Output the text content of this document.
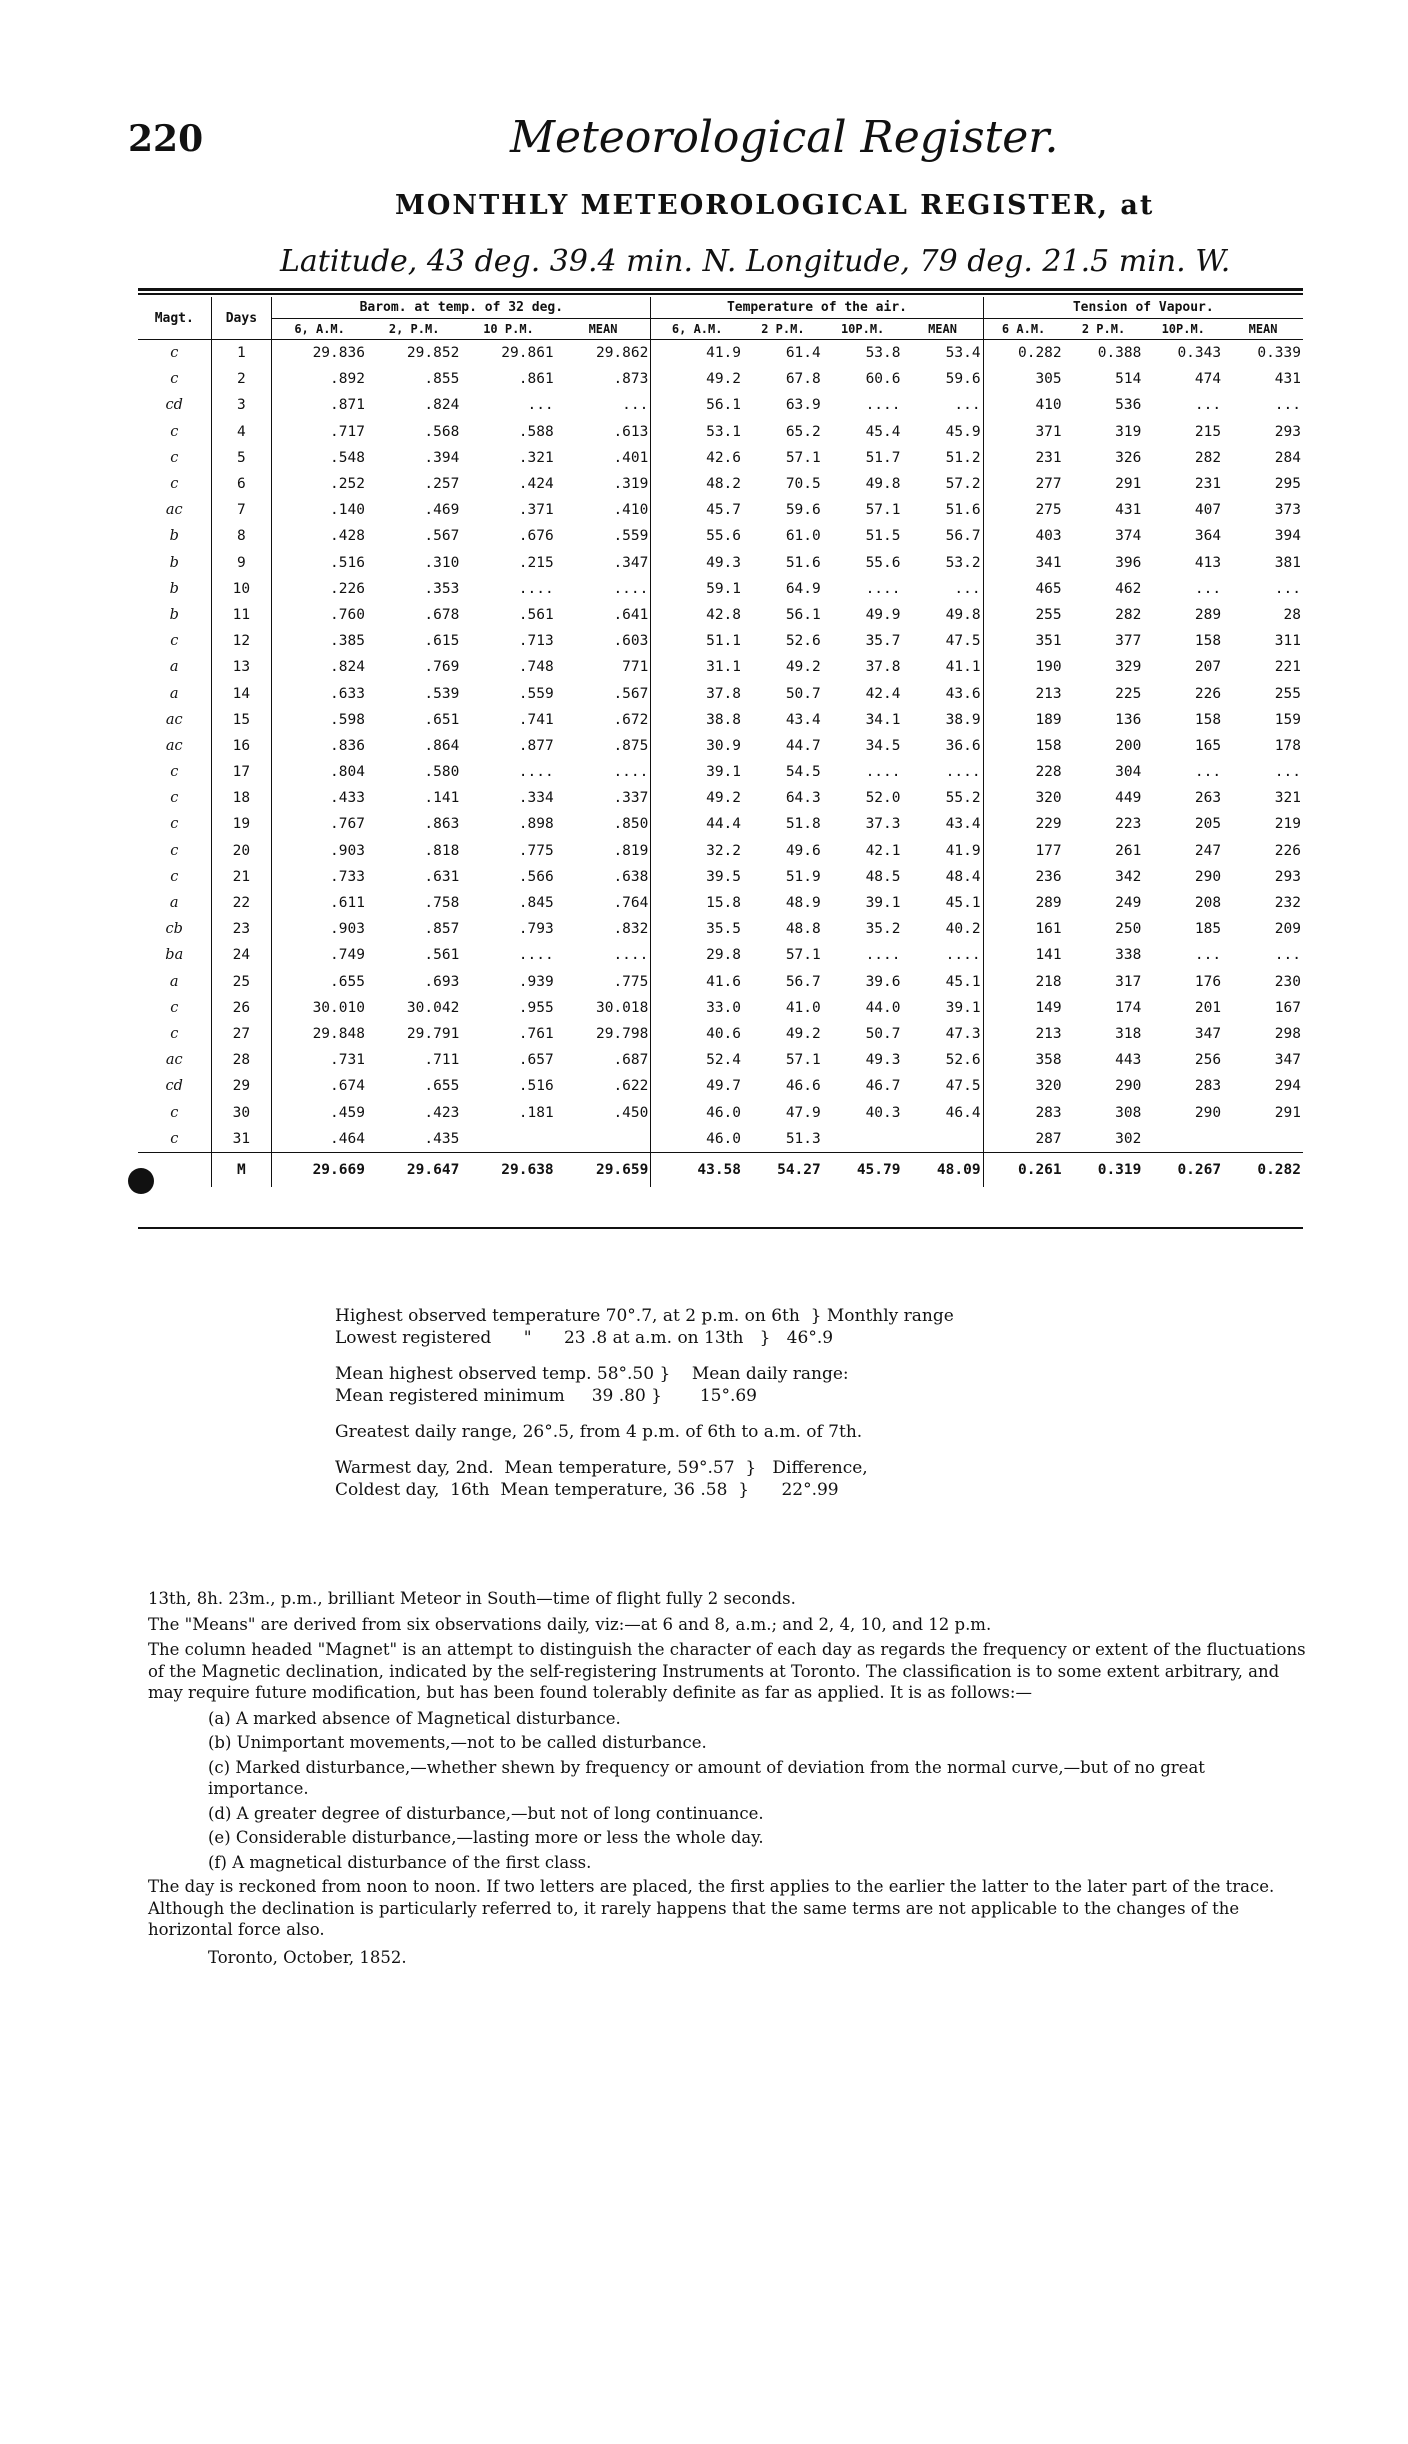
220	Meteorological Register.
MONTHLY METEOROLOGICAL REGISTER, at
Latitude, 43 deg. 39.4 min. N. Longitude, 79 deg. 21.5 min. W.
Magt.	Days	Barom. at temp. of 32 deg.				Temperature of the air.				Tension of Vapour.			
		6, A.M.	2, P.M.	10 P.M.	MEAN	6, A.M.	2 P.M.	10P.M.	MEAN	6 A.M.	2 P.M.	10P.M.	MEAN
c	1	29.836	29.852	29.861	29.862	41.9	61.4	53.8	53.4	0.282	0.388	0.343	0.339
c	2	.892	.855	.861	.873	49.2	67.8	60.6	59.6	305	514	474	431
cd	3	.871	.824	...	...	56.1	63.9	....	...	410	536	...	...
c	4	.717	.568	.588	.613	53.1	65.2	45.4	45.9	371	319	215	293
c	5	.548	.394	.321	.401	42.6	57.1	51.7	51.2	231	326	282	284
c	6	.252	.257	.424	.319	48.2	70.5	49.8	57.2	277	291	231	295
ac	7	.140	.469	.371	.410	45.7	59.6	57.1	51.6	275	431	407	373
b	8	.428	.567	.676	.559	55.6	61.0	51.5	56.7	403	374	364	394
b	9	.516	.310	.215	.347	49.3	51.6	55.6	53.2	341	396	413	381
b	10	.226	.353	....	....	59.1	64.9	....	...	465	462	...	...
b	11	.760	.678	.561	.641	42.8	56.1	49.9	49.8	255	282	289	28
c	12	.385	.615	.713	.603	51.1	52.6	35.7	47.5	351	377	158	311
a	13	.824	.769	.748	771	31.1	49.2	37.8	41.1	190	329	207	221
a	14	.633	.539	.559	.567	37.8	50.7	42.4	43.6	213	225	226	255
ac	15	.598	.651	.741	.672	38.8	43.4	34.1	38.9	189	136	158	159
ac	16	.836	.864	.877	.875	30.9	44.7	34.5	36.6	158	200	165	178
c	17	.804	.580	....	....	39.1	54.5	....	....	228	304	...	...
c	18	.433	.141	.334	.337	49.2	64.3	52.0	55.2	320	449	263	321
c	19	.767	.863	.898	.850	44.4	51.8	37.3	43.4	229	223	205	219
c	20	.903	.818	.775	.819	32.2	49.6	42.1	41.9	177	261	247	226
c	21	.733	.631	.566	.638	39.5	51.9	48.5	48.4	236	342	290	293
a	22	.611	.758	.845	.764	15.8	48.9	39.1	45.1	289	249	208	232
cb	23	.903	.857	.793	.832	35.5	48.8	35.2	40.2	161	250	185	209
ba	24	.749	.561	....	....	29.8	57.1	....	....	141	338	...	...
a	25	.655	.693	.939	.775	41.6	56.7	39.6	45.1	218	317	176	230
c	26	30.010	30.042	.955	30.018	33.0	41.0	44.0	39.1	149	174	201	167
c	27	29.848	29.791	.761	29.798	40.6	49.2	50.7	47.3	213	318	347	298
ac	28	.731	.711	.657	.687	52.4	57.1	49.3	52.6	358	443	256	347
cd	29	.674	.655	.516	.622	49.7	46.6	46.7	47.5	320	290	283	294
c	30	.459	.423	.181	.450	46.0	47.9	40.3	46.4	283	308	290	291
c	31	.464	.435			46.0	51.3			287	302		
	M	29.669	29.647	29.638	29.659	43.58	54.27	45.79	48.09	0.261	0.319	0.267	0.282
Highest observed temperature 70°.7, at 2 p.m. on 6th  } Monthly range
Lowest registered      "      23 .8 at a.m. on 13th   }   46°.9
Mean highest observed temp. 58°.50 }    Mean daily range:
Mean registered minimum     39 .80 }       15°.69
Greatest daily range, 26°.5, from 4 p.m. of 6th to a.m. of 7th.
Warmest day, 2nd.  Mean temperature, 59°.57  }   Difference,
Coldest day,  16th  Mean temperature, 36 .58  }      22°.99

13th, 8h. 23m., p.m., brilliant Meteor in South—time of flight fully 2 seconds.

The "Means" are derived from six observations daily, viz:—at 6 and 8, a.m.; and 2, 4, 10, and 12 p.m.

The column headed "Magnet" is an attempt to distinguish the character of each day as regards the frequency or extent of the fluctuations of the Magnetic declination, indicated by the self-registering Instruments at Toronto. The classification is to some extent arbitrary, and may require future modification, but has been found tolerably definite as far as applied. It is as follows:—

(a) A marked absence of Magnetical disturbance.
(b) Unimportant movements,—not to be called disturbance.
(c) Marked disturbance,—whether shewn by frequency or amount of deviation from the normal curve,—but of no great importance.
(d) A greater degree of disturbance,—but not of long continuance.
(e) Considerable disturbance,—lasting more or less the whole day.
(f) A magnetical disturbance of the first class.

The day is reckoned from noon to noon. If two letters are placed, the first applies to the earlier the latter to the later part of the trace. Although the declination is particularly referred to, it rarely happens that the same terms are not applicable to the changes of the horizontal force also.

Toronto, October, 1852.
